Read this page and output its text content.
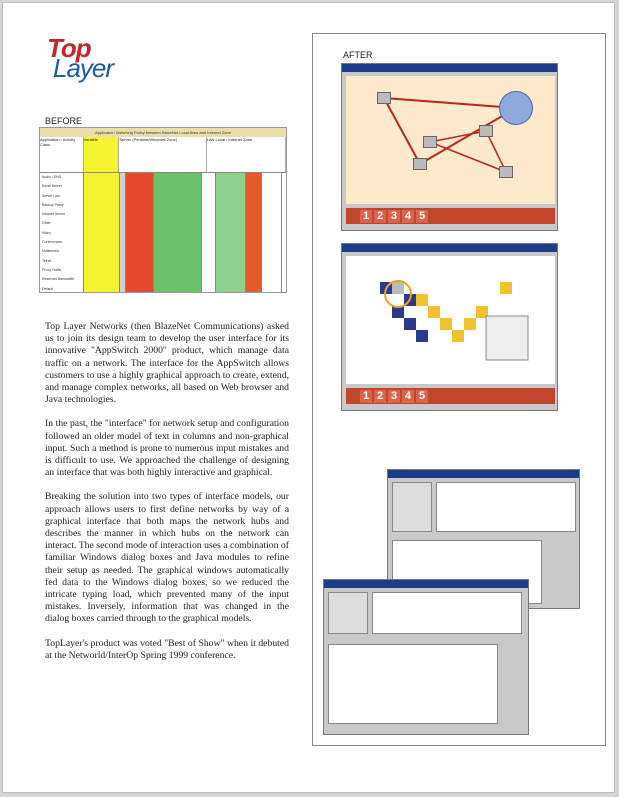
Top
Layer
BEFORE
Application Switching Policy between BlazeNet Local Area and Internet Zone
Application / Activity Class
Variable	Server (Pentium/Windows Zone)	LAN Local / Internet Zone
Audio / DNS
Email Server
Server Link
Backup Proxy
Intranet Server
Other
Video
Conferences
Multimedia
Telnet
Proxy Traffic
Reserved Bandwidth
Default

Top Layer Networks (then BlazeNet Communications) asked us to join its design team to develop the user interface for its innovative "AppSwitch 2000" product, which manage data traffic on a network. The interface for the AppSwitch allows customers to use a highly graphical approach to create, extend, and manage complex networks, all based on Web browser and Java technologies.

In the past, the "interface" for network setup and configuration followed an older model of text in columns and non-graphical input. Such a method is prone to numerous input mistakes and is difficult to use. We approached the challenge of designing an interface that was both highly interactive and graphical.

Breaking the solution into two types of interface models, our approach allows users to first define networks by way of a graphical interface that both maps the network hubs and describes the manner in which hubs on the network can interact. The second mode of interaction uses a combination of familiar Windows dialog boxes and Java modules to refine their setup as needed. The graphical windows automatically fed data to the Windows dialog boxes, so we reduced the intricate typing load, which prevented many of the input mistakes. Inversely, information that was changed in the dialog boxes carried through to the graphical models.

TopLayer's product was voted "Best of Show" when it debuted at the Networld/InterOp Spring 1999 conference.

AFTER
1 2 3 4 5
1 2 3 4 5
